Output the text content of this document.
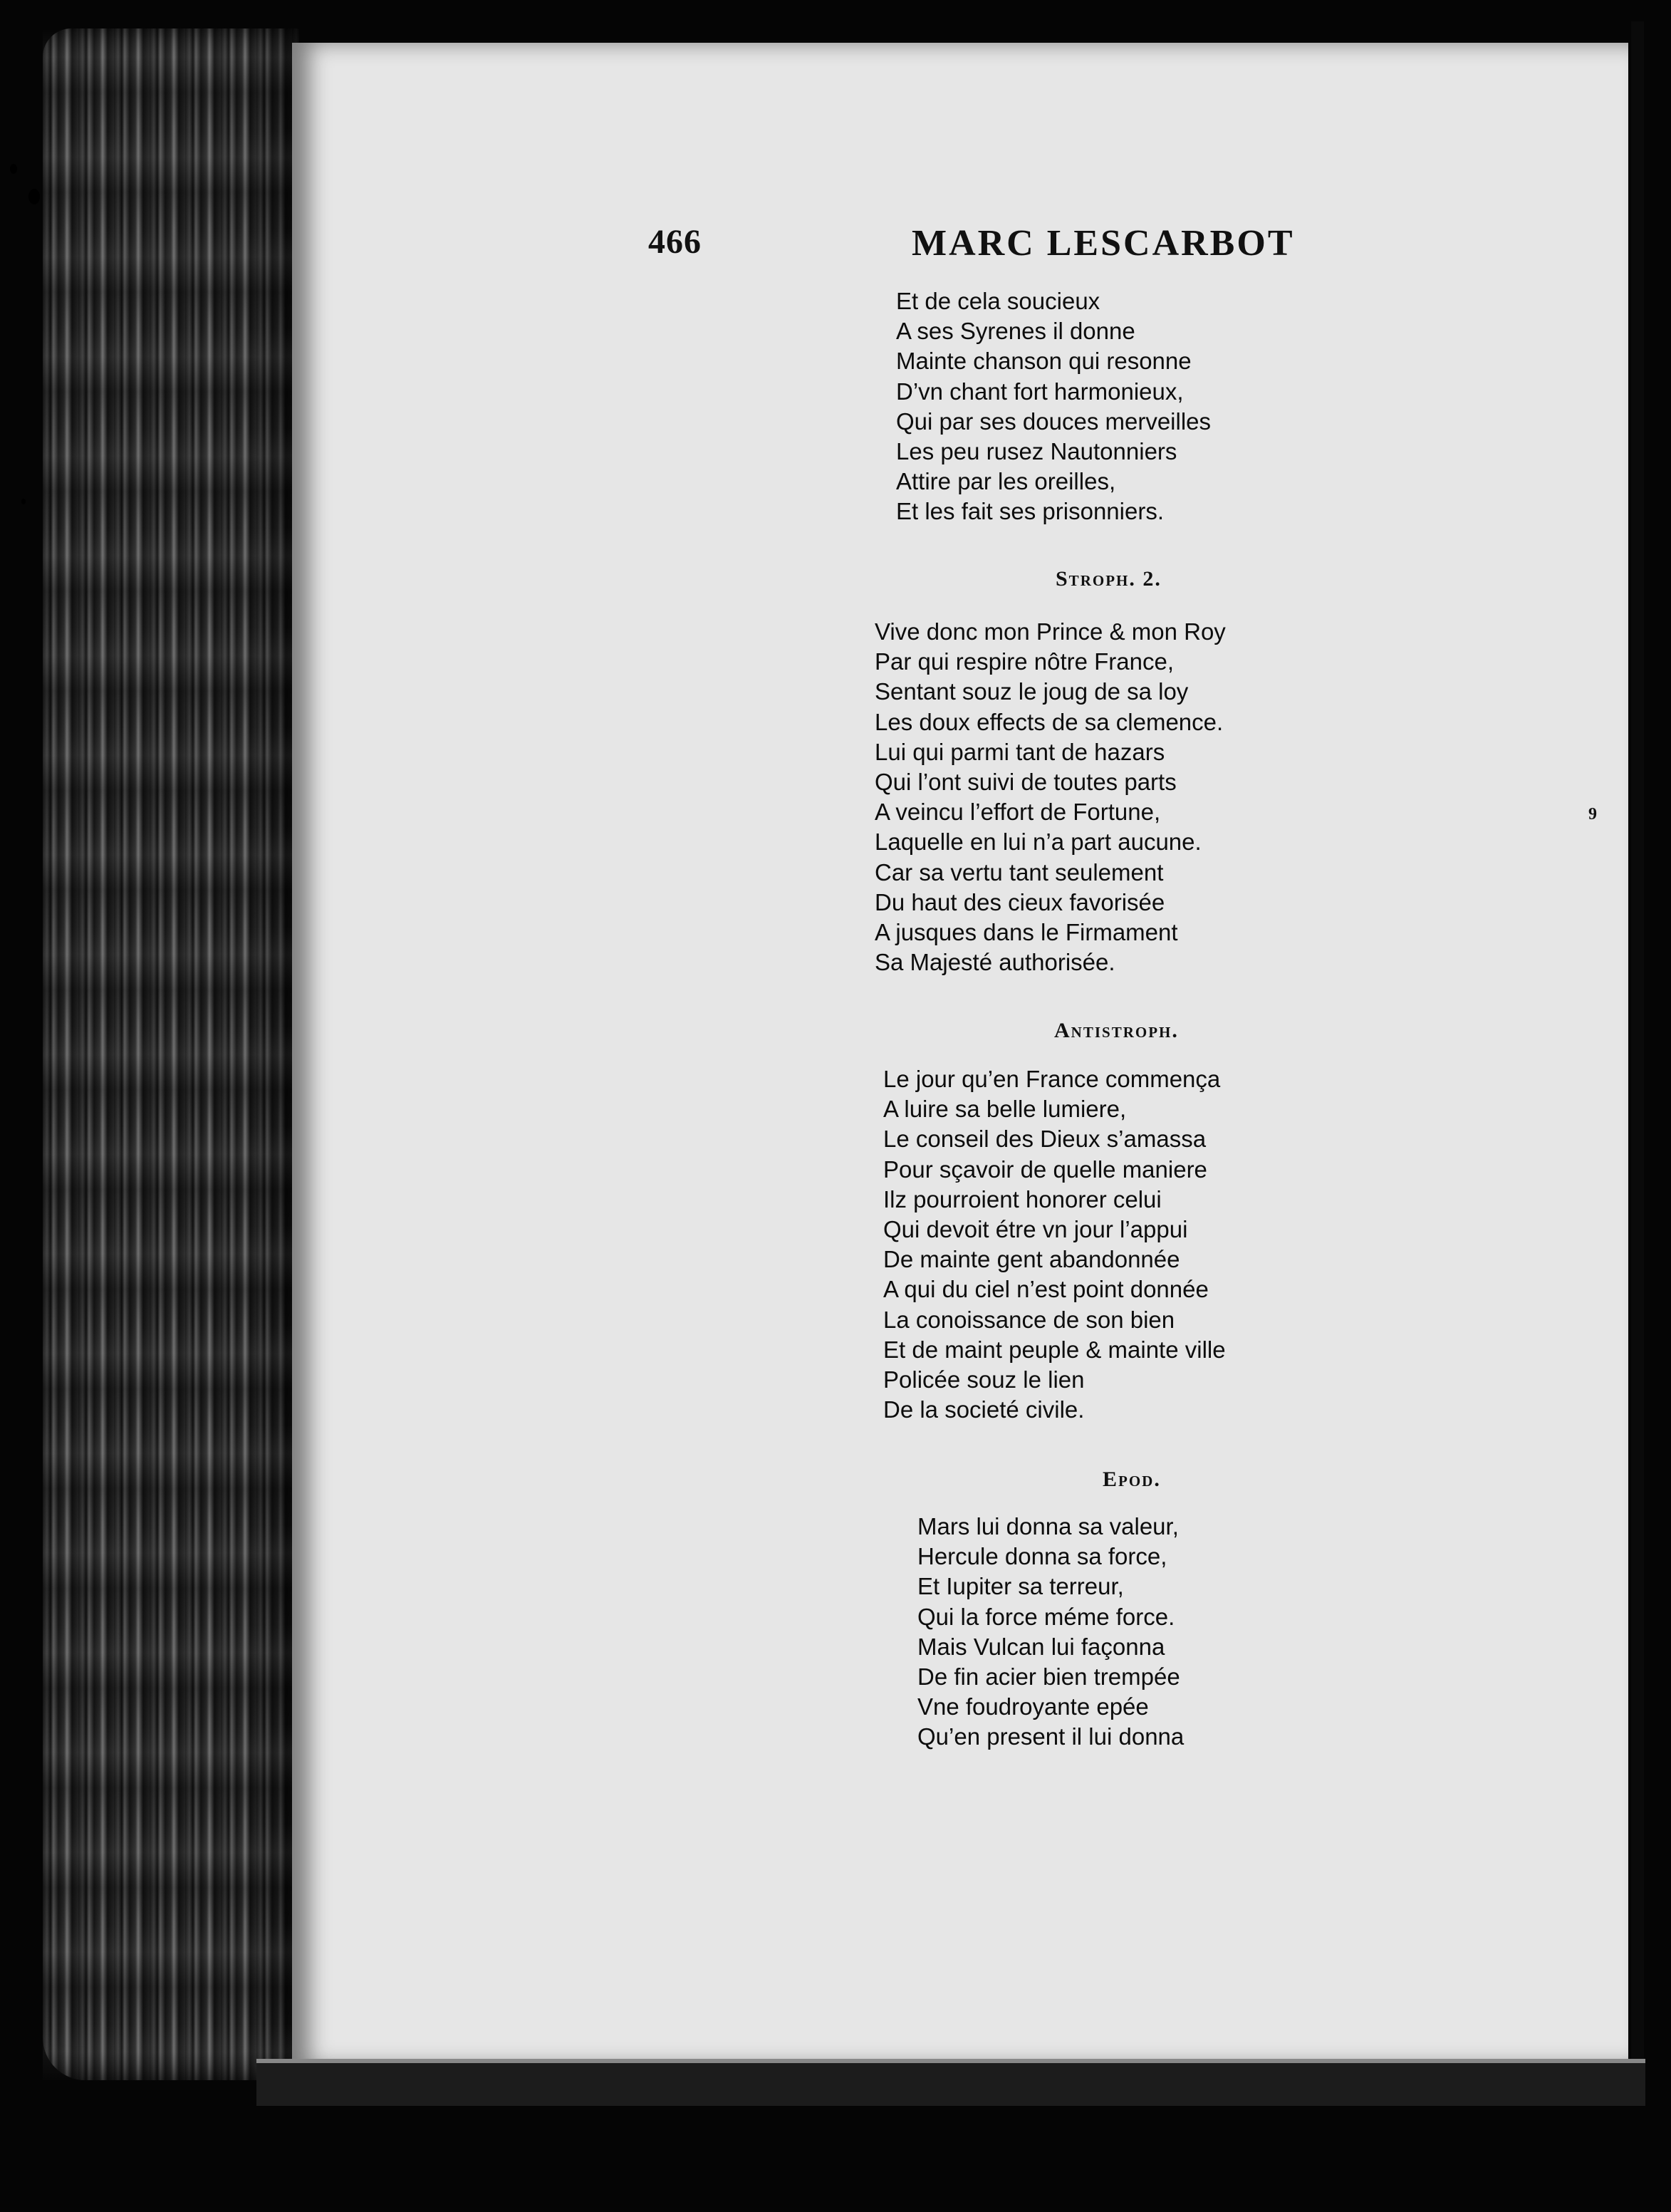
466	MARC LESCARBOT
Et de cela soucieux
A ses Syrenes il donne
Mainte chanson qui resonne
D’vn chant fort harmonieux,
Qui par ses douces merveilles
Les peu rusez Nautonniers
Attire par les oreilles,
Et les fait ses prisonniers.
Stroph. 2.
Vive donc mon Prince & mon Roy
Par qui respire nôtre France,
Sentant souz le joug de sa loy
Les doux effects de sa clemence.
Lui qui parmi tant de hazars
Qui l’ont suivi de toutes parts
A veincu l’effort de Fortune,
Laquelle en lui n’a part aucune.
Car sa vertu tant seulement
Du haut des cieux favorisée
A jusques dans le Firmament
Sa Majesté authorisée.
Antistroph.
Le jour qu’en France commença
A luire sa belle lumiere,
Le conseil des Dieux s’amassa
Pour sçavoir de quelle maniere
Ilz pourroient honorer celui
Qui devoit étre vn jour l’appui
De mainte gent abandonnée
A qui du ciel n’est point donnée
La conoissance de son bien
Et de maint peuple & mainte ville
Policée souz le lien
De la societé civile.
Epod.
Mars lui donna sa valeur,
Hercule donna sa force,
Et Iupiter sa terreur,
Qui la force méme force.
Mais Vulcan lui façonna
De fin acier bien trempée
Vne foudroyante epée
Qu’en present il lui donna
9
